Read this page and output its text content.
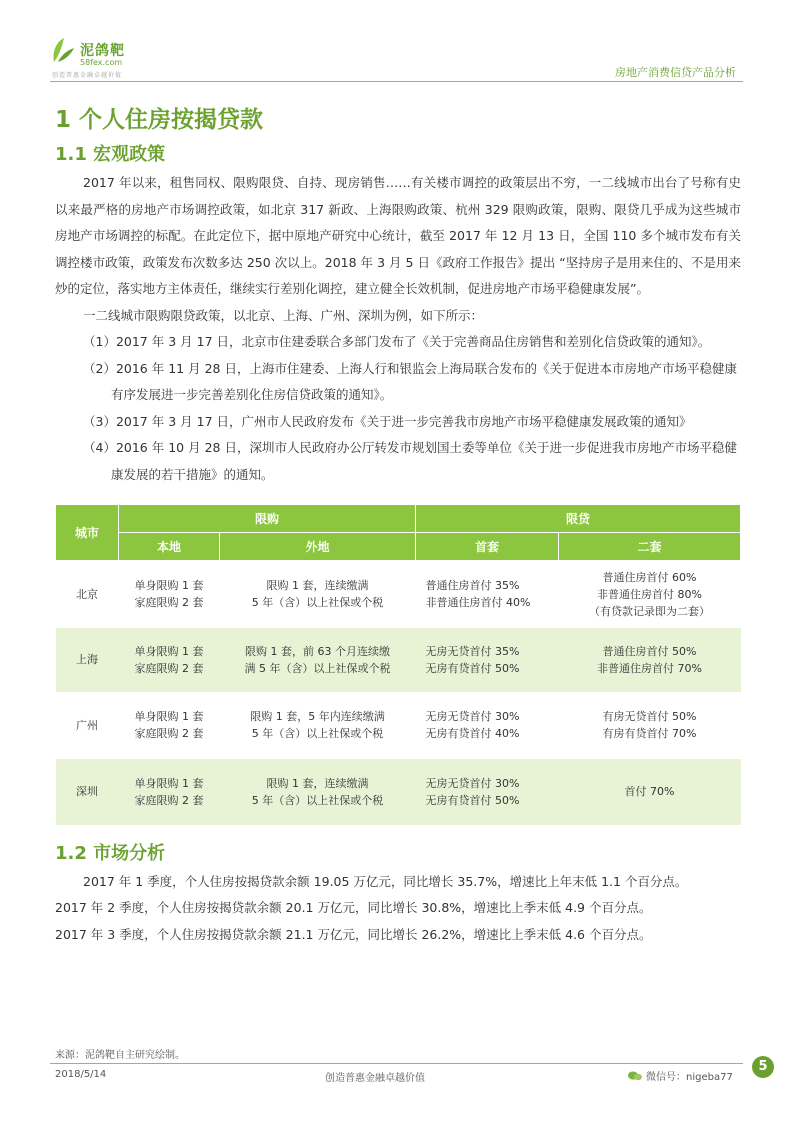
泥鸽靶
58fex.com
创造普惠金融卓越价值	房地产消费信贷产品分析
1 个人住房按揭贷款
1.1 宏观政策

2017 年以来，租售同权、限购限贷、自持、现房销售……有关楼市调控的政策层出不穷，一二线城市出台了号称有史以来最严格的房地产市场调控政策，如北京 317 新政、上海限购政策、杭州 329 限购政策，限购、限贷几乎成为这些城市房地产市场调控的标配。在此定位下，据中原地产研究中心统计，截至 2017 年 12 月 13 日，全国 110 多个城市发布有关调控楼市政策，政策发布次数多达 250 次以上。2018 年 3 月 5 日《政府工作报告》提出 “坚持房子是用来住的、不是用来炒的定位，落实地方主体责任，继续实行差别化调控，建立健全长效机制，促进房地产市场平稳健康发展”。

一二线城市限购限贷政策，以北京、上海、广州、深圳为例，如下所示：

（1）2017 年 3 月 17 日，北京市住建委联合多部门发布了《关于完善商品住房销售和差别化信贷政策的通知》。

（2）2016 年 11 月 28 日，上海市住建委、上海人行和银监会上海局联合发布的《关于促进本市房地产市场平稳健康有序发展进一步完善差别化住房信贷政策的通知》。

（3）2017 年 3 月 17 日，广州市人民政府发布《关于进一步完善我市房地产市场平稳健康发展政策的通知》

（4）2016 年 10 月 28 日，深圳市人民政府办公厅转发市规划国土委等单位《关于进一步促进我市房地产市场平稳健康发展的若干措施》的通知。

城市	限购		限贷	
	本地	外地	首套	二套
北京	单身限购 1 套
家庭限购 2 套	限购 1 套，连续缴满
5 年（含）以上社保或个税	普通住房首付 35%
非普通住房首付 40%	普通住房首付 60%
非普通住房首付 80%
（有贷款记录即为二套）
上海	单身限购 1 套
家庭限购 2 套	限购 1 套，前 63 个月连续缴
满 5 年（含）以上社保或个税	无房无贷首付 35%
无房有贷首付 50%	普通住房首付 50%
非普通住房首付 70%
广州	单身限购 1 套
家庭限购 2 套	限购 1 套，5 年内连续缴满
5 年（含）以上社保或个税	无房无贷首付 30%
无房有贷首付 40%	有房无贷首付 50%
有房有贷首付 70%
深圳	单身限购 1 套
家庭限购 2 套	限购 1 套，连续缴满
5 年（含）以上社保或个税	无房无贷首付 30%
无房有贷首付 50%	首付 70%
1.2 市场分析

2017 年 1 季度，个人住房按揭贷款余额 19.05 万亿元，同比增长 35.7%，增速比上年末低 1.1 个百分点。

2017 年 2 季度，个人住房按揭贷款余额 20.1 万亿元，同比增长 30.8%，增速比上季末低 4.9 个百分点。

2017 年 3 季度，个人住房按揭贷款余额 21.1 万亿元，同比增长 26.2%，增速比上季末低 4.6 个百分点。

来源：泥鸽靶自主研究绘制。
2018/5/14	创造普惠金融卓越价值	微信号：nigeba77
5
